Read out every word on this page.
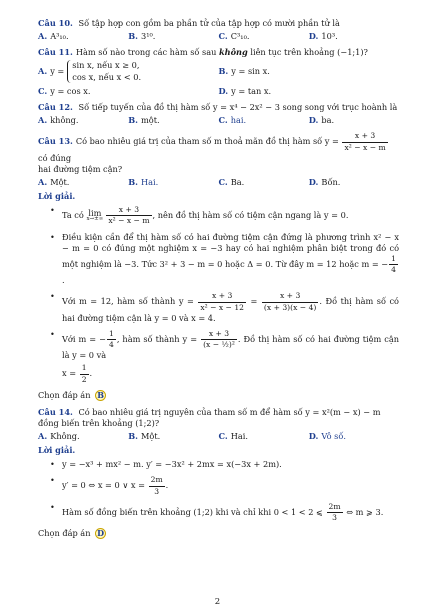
Câu 10. Số tập hợp con gồm ba phần tử của tập hợp có mười phần tử là
A. A³₁₀.	B. 3¹⁰.	C. C³₁₀.	D. 10³.
Câu 11. Hàm số nào trong các hàm số sau không liên tục trên khoảng (−1;1)?
A. y =
sin x, nếu x ≥ 0,
cos x, nếu x < 0.
B. y = sin x.
C. y = cos x.	D. y = tan x.
Câu 12. Số tiếp tuyến của đồ thị hàm số y = x⁴ − 2x² − 3 song song với trục hoành là
A. không.	B. một.	C. hai.	D. ba.
Câu 13. Có bao nhiêu giá trị của tham số m thoả mãn đồ thị hàm số $y = \frac{x + 3}{\text{x² − x − m}}$
có đúng
hai đường tiệm cận?
A. Một.	B. Hai.	C. Ba.	D. Bốn.
Lời giải.
• Ta có lim
$x\to\pm\infty \frac{x + 3}{\text{x² − x − m}}$ , nên đồ thị hàm số có tiệm cận ngang là y = 0.
• Điều kiện cần để thị hàm số có hai đường tiệm cận đứng là phương trình x² − x − m = 0 có đúng một nghiệm x = −3 hay có hai nghiệm phân biệt trong đó có một nghiệm là −3. Tức 3² + 3 − m = 0 hoặc Δ = 0. Từ đây m = 12 hoặc m = − $\frac{1}{4}$
.
• Với m = 12, hàm số thành $y = \frac{x + 3}{\text{x² − x − 12}} = \frac{x + 3}{(x + 3)(x - 4)}$ . Đồ thị hàm số có hai đường tiệm cận là y = 0 và x = 4.
• Với m = − $\frac{1}{4}$ , hàm số thành $y = \frac{x + 3}{\text{(x − ½)²}}$ . Đồ thị hàm số có hai đường tiệm cận là y = 0 và
$x = \frac{1}{2}$ .
Chọn đáp án B
Câu 14. Có bao nhiêu giá trị nguyên của tham số m để hàm số y = x²(m − x) − m đồng biến trên khoảng (1;2)?
A. Không.	B. Một.	C. Hai.	D. Vô số.
Lời giải.
• y = −x³ + mx² − m. y′ = −3x² + 2mx = x(−3x + 2m).
• y′ = 0 ⇔ x = 0 ∨ $x = \frac{2m}{3}$ .
• Hàm số đồng biến trên khoảng (1;2) khi và chỉ khi 0 < 1 < 2 ⩽ $\frac{2m}{3}$ ⇔ m ⩾ 3.
Chọn đáp án D
2
